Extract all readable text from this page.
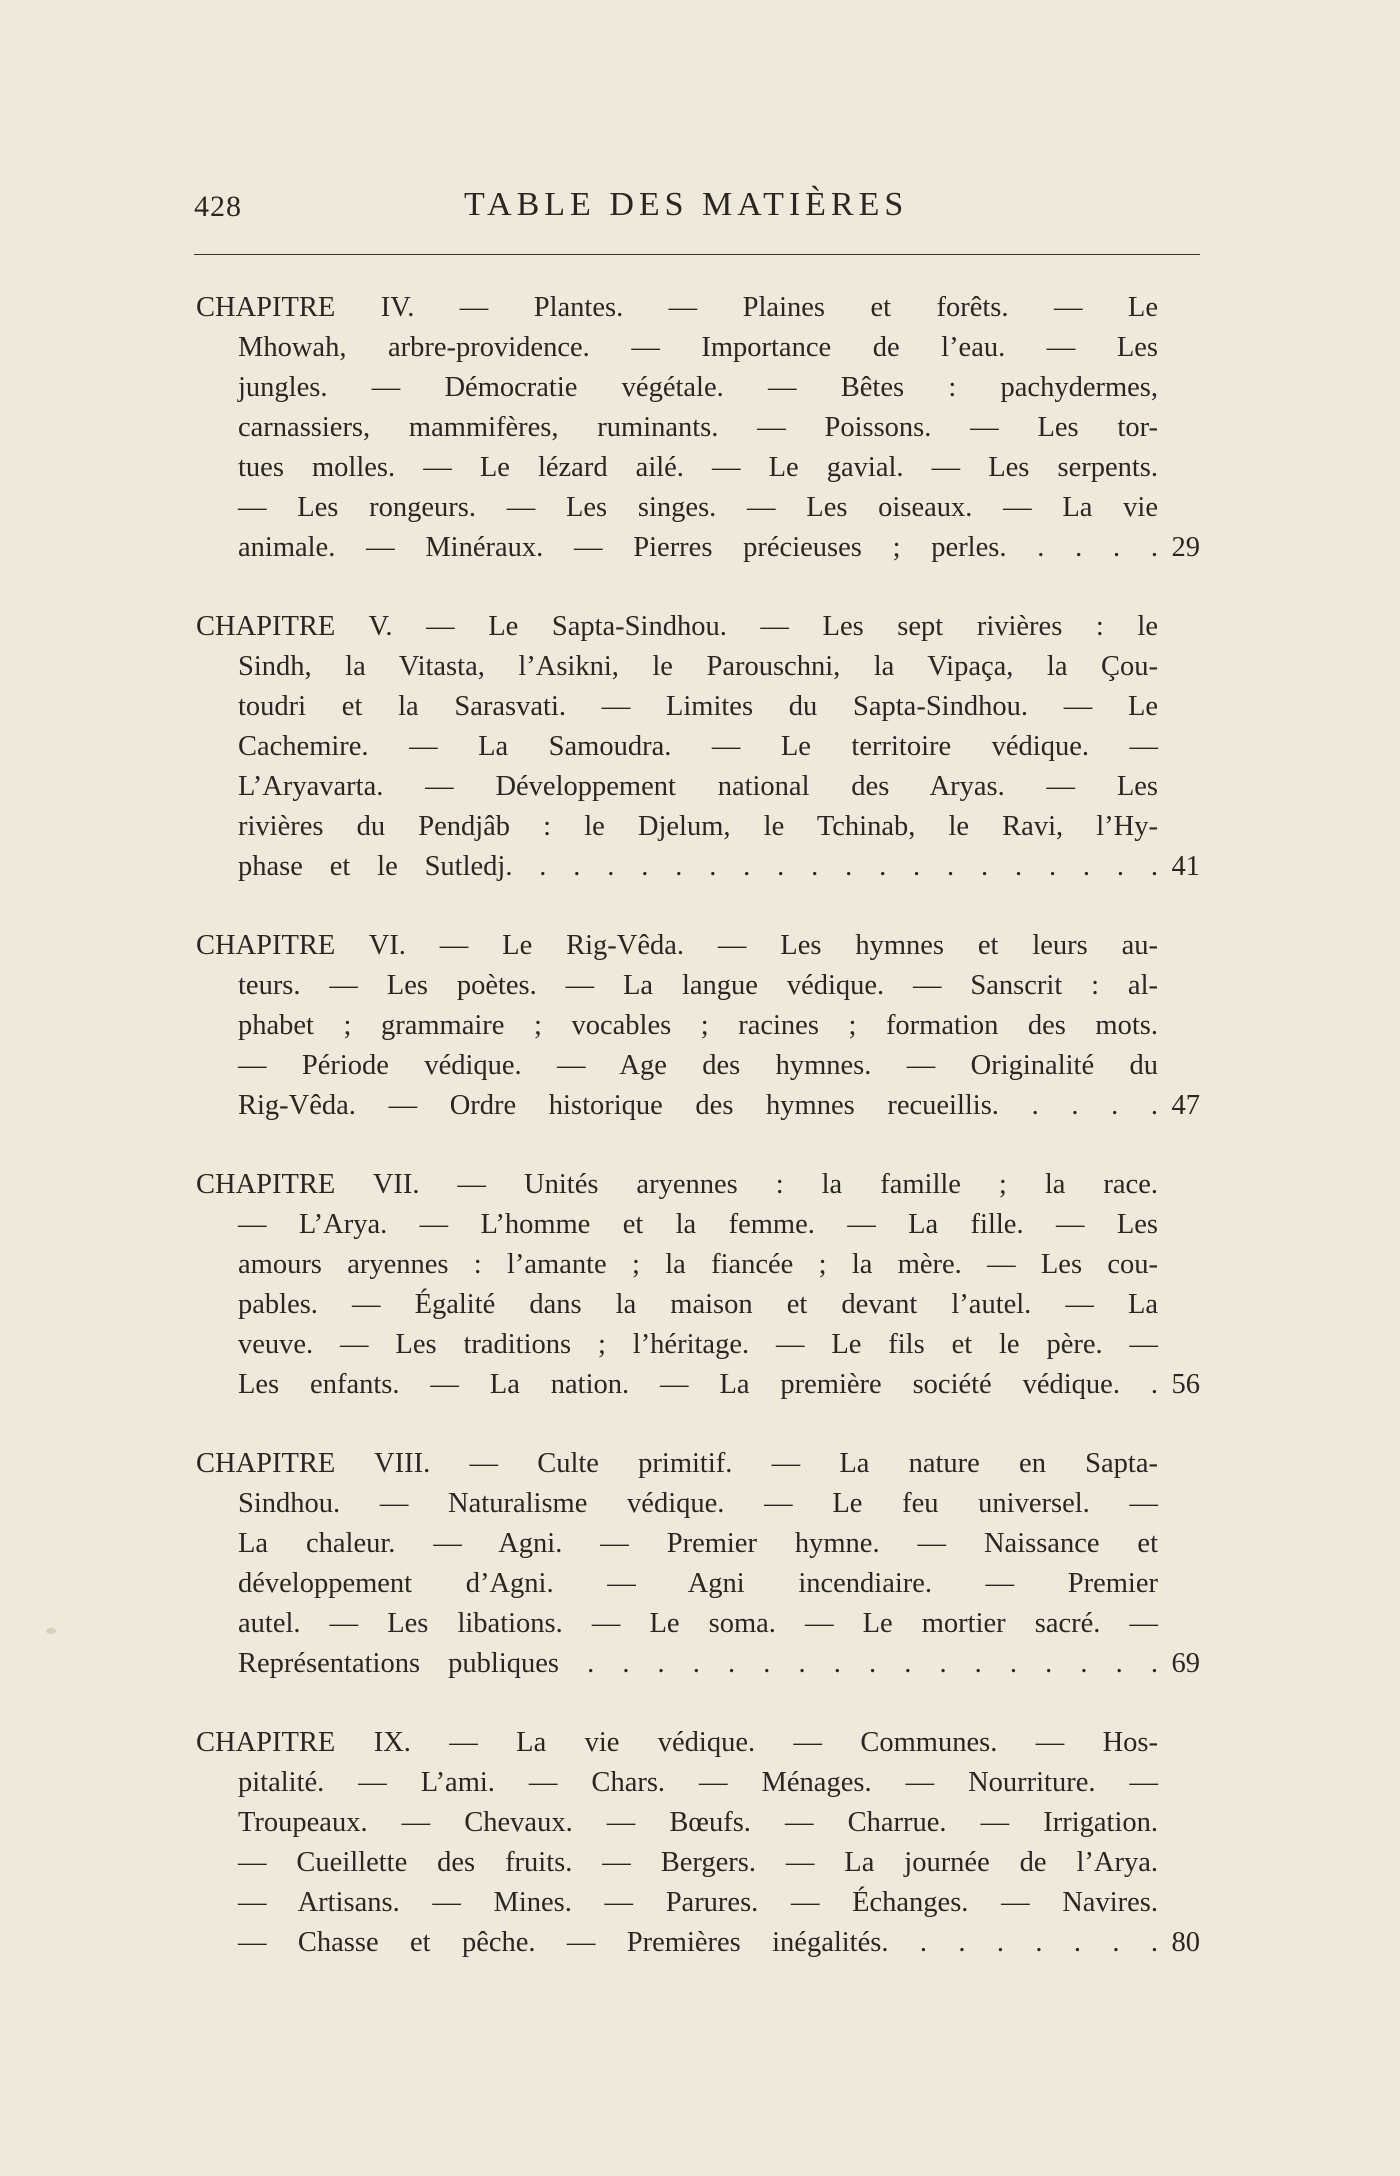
428	TABLE DES MATIÈRES
CHAPITRE IV. — Plantes. — Plaines et forêts. — Le
Mhowah, arbre-providence. — Importance de l’eau. — Les
jungles. — Démocratie végétale. — Bêtes : pachydermes,
carnassiers, mammifères, ruminants. — Poissons. — Les tor-
tues molles. — Le lézard ailé. — Le gavial. — Les serpents.
— Les rongeurs. — Les singes. — Les oiseaux. — La vie
animale. — Minéraux. — Pierres précieuses ; perles. . . . . 29
CHAPITRE V. — Le Sapta-Sindhou. — Les sept rivières : le
Sindh, la Vitasta, l’Asikni, le Parouschni, la Vipaça, la Çou-
toudri et la Sarasvati. — Limites du Sapta-Sindhou. — Le
Cachemire. — La Samoudra. — Le territoire védique. —
L’Aryavarta. — Développement national des Aryas. — Les
rivières du Pendjâb : le Djelum, le Tchinab, le Ravi, l’Hy-
phase et le Sutledj. . . . . . . . . . . . . . . . . . . . 41
CHAPITRE VI. — Le Rig-Vêda. — Les hymnes et leurs au-
teurs. — Les poètes. — La langue védique. — Sanscrit : al-
phabet ; grammaire ; vocables ; racines ; formation des mots.
— Période védique. — Age des hymnes. — Originalité du
Rig-Vêda. — Ordre historique des hymnes recueillis. . . . . 47
CHAPITRE VII. — Unités aryennes : la famille ; la race.
— L’Arya. — L’homme et la femme. — La fille. — Les
amours aryennes : l’amante ; la fiancée ; la mère. — Les cou-
pables. — Égalité dans la maison et devant l’autel. — La
veuve. — Les traditions ; l’héritage. — Le fils et le père. —
Les enfants. — La nation. — La première société védique. . 56
CHAPITRE VIII. — Culte primitif. — La nature en Sapta-
Sindhou. — Naturalisme védique. — Le feu universel. —
La chaleur. — Agni. — Premier hymne. — Naissance et
développement d’Agni. — Agni incendiaire. — Premier
autel. — Les libations. — Le soma. — Le mortier sacré. —
Représentations publiques . . . . . . . . . . . . . . . . . 69
CHAPITRE IX. — La vie védique. — Communes. — Hos-
pitalité. — L’ami. — Chars. — Ménages. — Nourriture. —
Troupeaux. — Chevaux. — Bœufs. — Charrue. — Irrigation.
— Cueillette des fruits. — Bergers. — La journée de l’Arya.
— Artisans. — Mines. — Parures. — Échanges. — Navires.
— Chasse et pêche. — Premières inégalités. . . . . . . . 80
